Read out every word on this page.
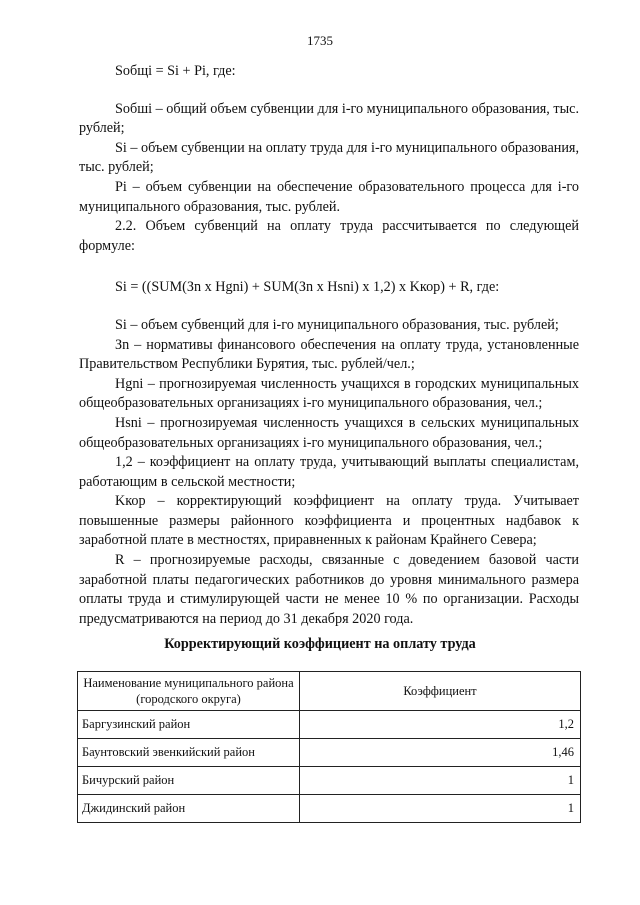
1735

Sобщi = Si + Pi, где:

Sобшi – общий объем субвенции для i-го муниципального образования, тыс. рублей;

Si – объем субвенции на оплату труда для i-го муниципального образования, тыс. рублей;

Pi – объем субвенции на обеспечение образовательного процесса для i-го муниципального образования, тыс. рублей.

2.2. Объем субвенций на оплату труда рассчитывается по следующей формуле:

Si = ((SUM(Зn х Hgni) + SUM(Зn х Hsni) х 1,2) х Kкор) + R, где:

Si – объем субвенций для i-го муниципального образования, тыс. рублей;

Зn – нормативы финансового обеспечения на оплату труда, установленные Правительством Республики Бурятия, тыс. рублей/чел.;

Hgni – прогнозируемая численность учащихся в городских муниципальных общеобразовательных организациях i-го муниципального образования, чел.;

Hsni – прогнозируемая численность учащихся в сельских муниципальных общеобразовательных организациях i-го муниципального образования, чел.;

1,2 – коэффициент на оплату труда, учитывающий выплаты специалистам, работающим в сельской местности;

Kкор – корректирующий коэффициент на оплату труда. Учитывает повышенные размеры районного коэффициента и процентных надбавок к заработной плате в местностях, приравненных к районам Крайнего Севера;

R – прогнозируемые расходы, связанные с доведением базовой части заработной платы педагогических работников до уровня минимального размера оплаты труда и стимулирующей части не менее 10 % по организации. Расходы предусматриваются на период до 31 декабря 2020 года.

Корректирующий коэффициент на оплату труда
Наименование муниципального района (городского округа)	Коэффициент
Баргузинский район	1,2
Баунтовский эвенкийский район	1,46
Бичурский район	1
Джидинский район	1
